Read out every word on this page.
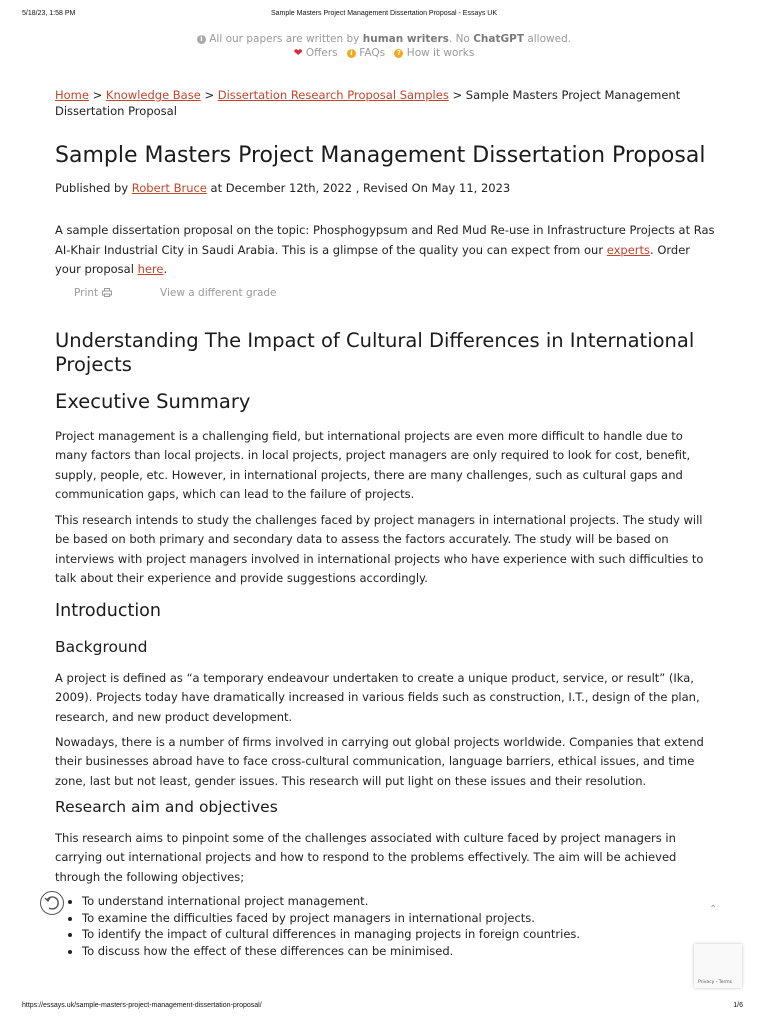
5/18/23, 1:58 PM	Sample Masters Project Management Dissertation Proposal - Essays UK
i All our papers are written by human writers. No ChatGPT allowed.
❤ Offers i FAQs ? How it works
Home > Knowledge Base > Dissertation Research Proposal Samples > Sample Masters Project Management Dissertation Proposal
Sample Masters Project Management Dissertation Proposal
Published by Robert Bruce at December 12th, 2022 , Revised On May 11, 2023
A sample dissertation proposal on the topic: Phosphogypsum and Red Mud Re-use in Infrastructure Projects at Ras AI-Khair Industrial City in Saudi Arabia. This is a glimpse of the quality you can expect from our experts. Order your proposal here.
Print	View a different grade
Understanding The Impact of Cultural Differences in International Projects
Executive Summary

Project management is a challenging field, but international projects are even more difficult to handle due to many factors than local projects. in local projects, project managers are only required to look for cost, benefit, supply, people, etc. However, in international projects, there are many challenges, such as cultural gaps and communication gaps, which can lead to the failure of projects.

This research intends to study the challenges faced by project managers in international projects. The study will be based on both primary and secondary data to assess the factors accurately. The study will be based on interviews with project managers involved in international projects who have experience with such difficulties to talk about their experience and provide suggestions accordingly.

Introduction
Background

A project is defined as “a temporary endeavour undertaken to create a unique product, service, or result” (Ika, 2009). Projects today have dramatically increased in various fields such as construction, I.T., design of the plan, research, and new product development.

Nowadays, there is a number of firms involved in carrying out global projects worldwide. Companies that extend their businesses abroad have to face cross-cultural communication, language barriers, ethical issues, and time zone, last but not least, gender issues. This research will put light on these issues and their resolution.

Research aim and objectives

This research aims to pinpoint some of the challenges associated with culture faced by project managers in carrying out international projects and how to respond to the problems effectively. The aim will be achieved through the following objectives;

• To understand international project management.
• To examine the difficulties faced by project managers in international projects.
• To identify the impact of cultural differences in managing projects in foreign countries.
• To discuss how the effect of these differences can be minimised.
⌃
Privacy - Terms
https://essays.uk/sample-masters-project-management-dissertation-proposal/	1/6
